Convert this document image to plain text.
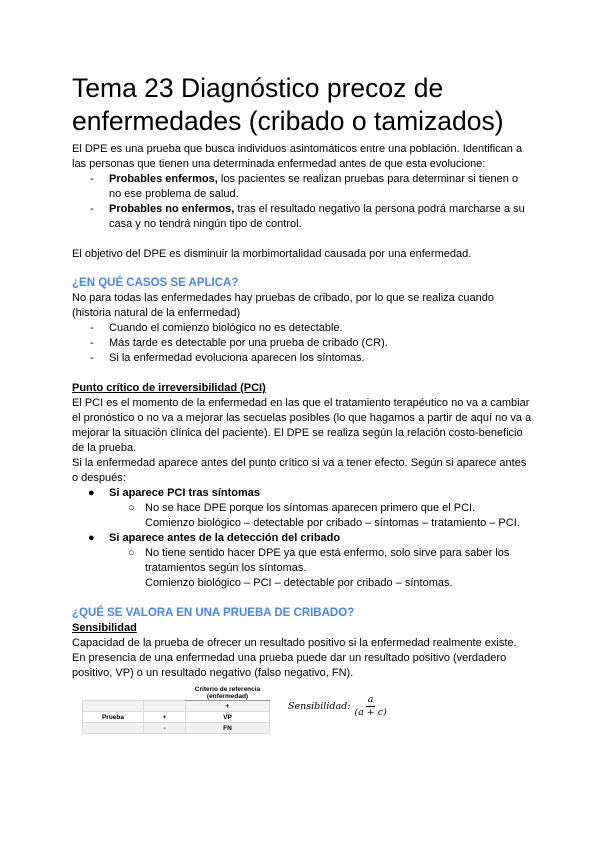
Tema 23 Diagnóstico precoz de enfermedades (cribado o tamizados)

El DPE es una prueba que busca individuos asintomáticos entre una población. Identifican a las personas que tienen una determinada enfermedad antes de que esta evolucione:

- Probables enfermos, los pacientes se realizan pruebas para determinar si tienen o no ese problema de salud.
- Probables no enfermos, tras el resultado negativo la persona podrá marcharse a su casa y no tendrá ningún tipo de control.

El objetivo del DPE es disminuir la morbimortalidad causada por una enfermedad.

¿EN QUÉ CASOS SE APLICA?

No para todas las enfermedades hay pruebas de cribado, por lo que se realiza cuando (historia natural de la enfermedad)

- Cuando el comienzo biológico no es detectable.
- Más tarde es detectable por una prueba de cribado (CR).
- Si la enfermedad evoluciona aparecen los síntomas.
Punto crítico de irreversibilidad (PCI)

El PCI es el momento de la enfermedad en las que el tratamiento terapéutico no va a cambiar el pronóstico o no va a mejorar las secuelas posibles (lo que hagamos a partir de aquí no va a mejorar la situación clínica del paciente). El DPE se realiza según la relación costo-beneficio de la prueba.

Si la enfermedad aparece antes del punto crítico si va a tener efecto. Según si aparece antes o después:

● Si aparece PCI tras síntomas
○ No se hace DPE porque los síntomas aparecen primero que el PCI.
Comienzo biológico – detectable por cribado – síntomas – tratamiento – PCI.
● Si aparece antes de la detección del cribado
○ No tiene sentido hacer DPE ya que está enfermo, solo sirve para saber los tratamientos según los síntomas.
Comienzo biológico – PCI – detectable por cribado – síntomas.
¿QUÉ SE VALORA EN UNA PRUEBA DE CRIBADO?
Sensibilidad

Capacidad de la prueba de ofrecer un resultado positivo si la enfermedad realmente existe.

En presencia de una enfermedad una prueba puede dar un resultado positivo (verdadero positivo, VP) o un resultado negativo (falso negativo, FN).

		Criterio de referencia (enfermedad)
		+
Prueba	+	VP
	-	FN
Sensibilidad: $\frac{a}{(a + c)}$
